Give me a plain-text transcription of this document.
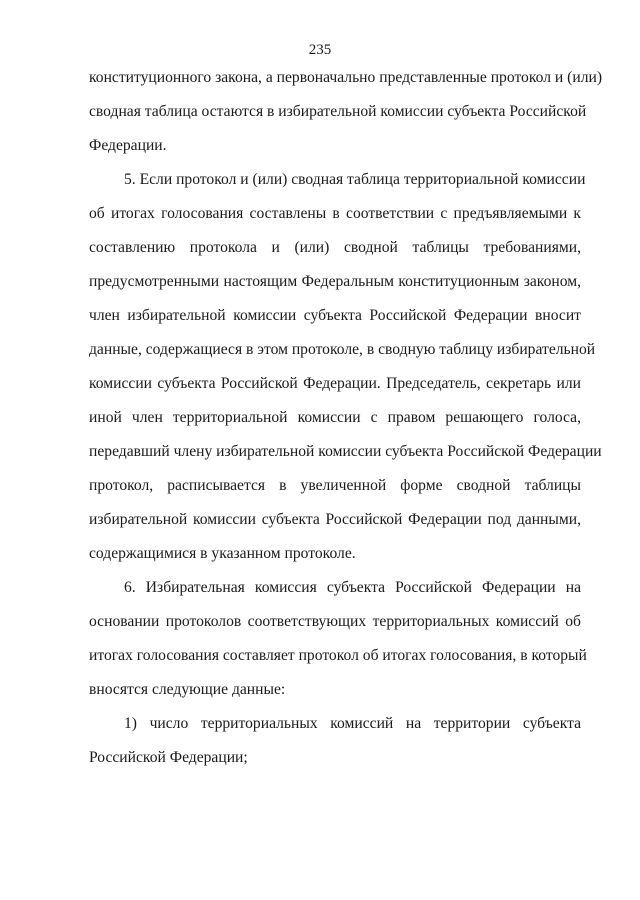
235
конституционного закона, а первоначально представленные протокол и (или)
сводная таблица остаются в избирательной комиссии субъекта Российской
Федерации.
5. Если протокол и (или) сводная таблица территориальной комиссии
об итогах голосования составлены в соответствии с предъявляемыми к
составлению протокола и (или) сводной таблицы требованиями,
предусмотренными настоящим Федеральным конституционным законом,
член избирательной комиссии субъекта Российской Федерации вносит
данные, содержащиеся в этом протоколе, в сводную таблицу избирательной
комиссии субъекта Российской Федерации. Председатель, секретарь или
иной член территориальной комиссии с правом решающего голоса,
передавший члену избирательной комиссии субъекта Российской Федерации
протокол, расписывается в увеличенной форме сводной таблицы
избирательной комиссии субъекта Российской Федерации под данными,
содержащимися в указанном протоколе.
6. Избирательная комиссия субъекта Российской Федерации на
основании протоколов соответствующих территориальных комиссий об
итогах голосования составляет протокол об итогах голосования, в который
вносятся следующие данные:
1) число территориальных комиссий на территории субъекта
Российской Федерации;
